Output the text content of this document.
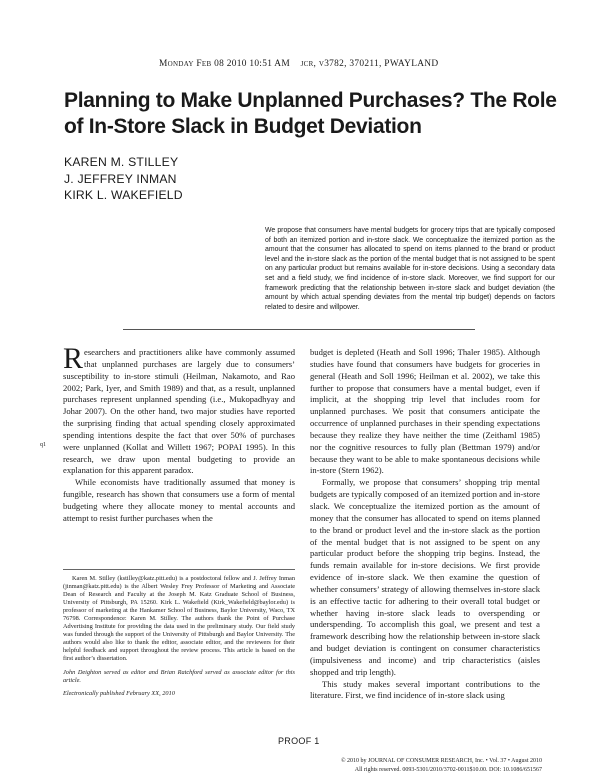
Monday Feb 08 2010 10:51 AM jcr, v3782, 370211, PWAYLAND
Planning to Make Unplanned Purchases? The Role of In-Store Slack in Budget Deviation
KAREN M. STILLEY
J. JEFFREY INMAN
KIRK L. WAKEFIELD

We propose that consumers have mental budgets for grocery trips that are typically composed of both an itemized portion and in-store slack. We conceptualize the itemized portion as the amount that the consumer has allocated to spend on items planned to the brand or product level and the in-store slack as the portion of the mental budget that is not assigned to be spent on any particular product but remains available for in-store decisions. Using a secondary data set and a field study, we find incidence of in-store slack. Moreover, we find support for our framework predicting that the relationship between in-store slack and budget deviation (the amount by which actual spending deviates from the mental trip budget) depends on factors related to desire and willpower.

q1

Researchers and practitioners alike have commonly assumed that unplanned purchases are largely due to consumers’ susceptibility to in-store stimuli (Heilman, Nakamoto, and Rao 2002; Park, Iyer, and Smith 1989) and that, as a result, unplanned purchases represent unplanned spending (i.e., Mukopadhyay and Johar 2007). On the other hand, two major studies have reported the surprising finding that actual spending closely approximated spending intentions despite the fact that over 50% of purchases were unplanned (Kollat and Willett 1967; POPAI 1995). In this research, we draw upon mental budgeting to provide an explanation for this apparent paradox.

While economists have traditionally assumed that money is fungible, research has shown that consumers use a form of mental budgeting where they allocate money to mental accounts and attempt to resist further purchases when the

Karen M. Stilley (kstilley@katz.pitt.edu) is a postdoctoral fellow and J. Jeffrey Inman (jinman@katz.pitt.edu) is the Albert Wesley Frey Professor of Marketing and Associate Dean of Research and Faculty at the Joseph M. Katz Graduate School of Business, University of Pittsburgh, PA 15260. Kirk L. Wakefield (Kirk_Wakefield@baylor.edu) is professor of marketing at the Hankamer School of Business, Baylor University, Waco, TX 76798. Correspondence: Karen M. Stilley. The authors thank the Point of Purchase Advertising Institute for providing the data used in the preliminary study. Our field study was funded through the support of the University of Pittsburgh and Baylor University. The authors would also like to thank the editor, associate editor, and the reviewers for their helpful feedback and support throughout the review process. This article is based on the first author’s dissertation.

John Deighton served as editor and Brian Ratchford served as associate editor for this article.

Electronically published February XX, 2010

budget is depleted (Heath and Soll 1996; Thaler 1985). Although studies have found that consumers have budgets for groceries in general (Heath and Soll 1996; Heilman et al. 2002), we take this further to propose that consumers have a mental budget, even if implicit, at the shopping trip level that includes room for unplanned purchases. We posit that consumers anticipate the occurrence of unplanned purchases in their spending expectations because they realize they have neither the time (Zeithaml 1985) nor the cognitive resources to fully plan (Bettman 1979) and/or because they want to be able to make spontaneous decisions while in-store (Stern 1962).

Formally, we propose that consumers’ shopping trip mental budgets are typically composed of an itemized portion and in-store slack. We conceptualize the itemized portion as the amount of money that the consumer has allocated to spend on items planned to the brand or product level and the in-store slack as the portion of the mental budget that is not assigned to be spent on any particular product before the shopping trip begins. Instead, the funds remain available for in-store decisions. We first provide evidence of in-store slack. We then examine the question of whether consumers’ strategy of allowing themselves in-store slack is an effective tactic for adhering to their overall total budget or whether having in-store slack leads to overspending or underspending. To accomplish this goal, we present and test a framework describing how the relationship between in-store slack and budget deviation is contingent on consumer characteristics (impulsiveness and income) and trip characteristics (aisles shopped and trip length).

This study makes several important contributions to the literature. First, we find incidence of in-store slack using

PROOF 1
© 2010 by JOURNAL OF CONSUMER RESEARCH, Inc. • Vol. 37 • August 2010
All rights reserved. 0093-5301/2010/3702-0011$10.00. DOI: 10.1086/651567
